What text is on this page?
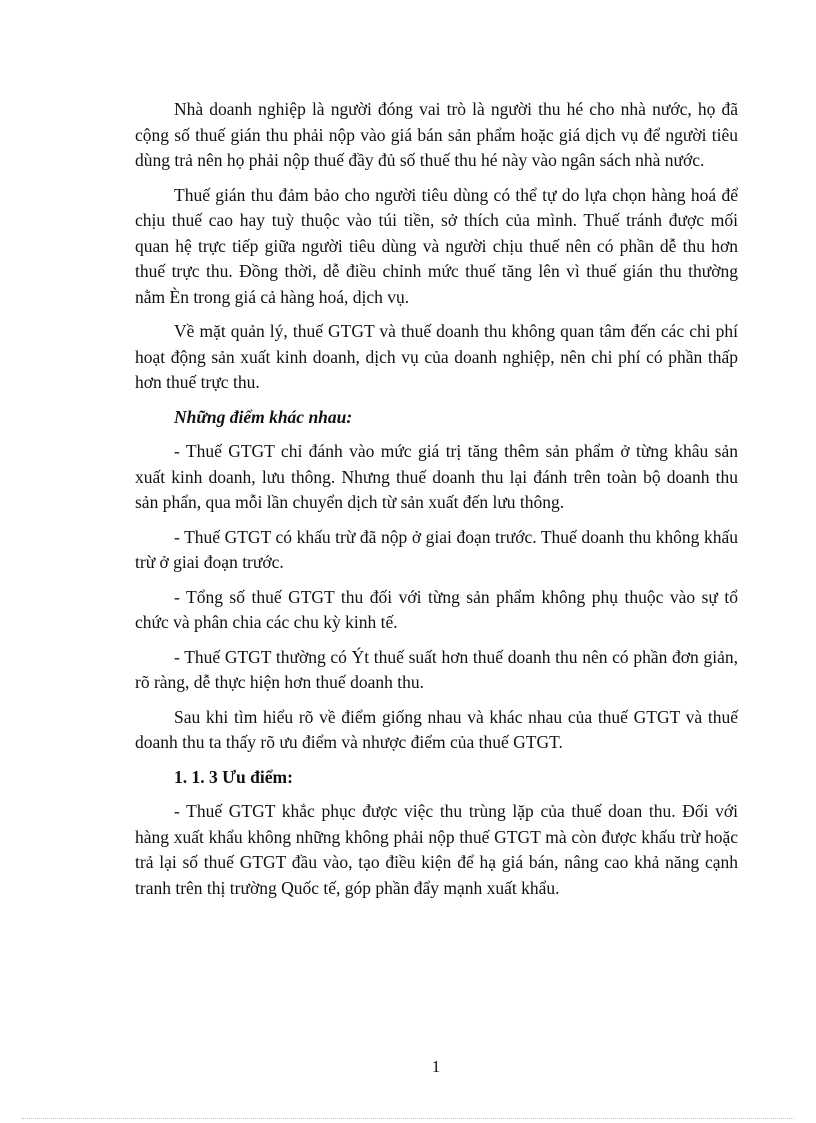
Nhà doanh nghiệp là người đóng vai trò là người thu hé cho nhà nước, họ đã cộng số thuế gián thu phải nộp vào giá bán sản phẩm hoặc giá dịch vụ để người tiêu dùng trả nên họ phải nộp thuế đầy đủ số thuế thu hé này vào ngân sách nhà nước.

Thuế gián thu đảm bảo cho người tiêu dùng có thể tự do lựa chọn hàng hoá để chịu thuế cao hay tuỳ thuộc vào túi tiền, sở thích của mình. Thuế tránh được mối quan hệ trực tiếp giữa người tiêu dùng và người chịu thuế nên có phần dễ thu hơn thuế trực thu. Đồng thời, dễ điều chỉnh mức thuế tăng lên vì thuế gián thu thường nằm Èn trong giá cả hàng hoá, dịch vụ.

Về mặt quản lý, thuế GTGT và thuế doanh thu không quan tâm đến các chi phí hoạt động sản xuất kinh doanh, dịch vụ của doanh nghiệp, nên chi phí có phần thấp hơn thuế trực thu.

Những điểm khác nhau:

- Thuế GTGT chỉ đánh vào mức giá trị tăng thêm sản phẩm ở từng khâu sản xuất kinh doanh, lưu thông. Nhưng thuế doanh thu lại đánh trên toàn bộ doanh thu sản phẩn, qua mỗi lần chuyển dịch từ sản xuất đến lưu thông.

- Thuế GTGT có khấu trừ đã nộp ở giai đoạn trước. Thuế doanh thu không khấu trừ ở giai đoạn trước.

- Tổng số thuế GTGT thu đối với từng sản phẩm không phụ thuộc vào sự tổ chức và phân chia các chu kỳ kinh tế.

- Thuế GTGT thường có Ýt thuế suất hơn thuế doanh thu nên có phần đơn giản, rõ ràng, dễ thực hiện hơn thuế doanh thu.

Sau khi tìm hiểu rõ về điểm giống nhau và khác nhau của thuế GTGT và thuế doanh thu ta thấy rõ ưu điểm và nhược điểm của thuế GTGT.

1. 1. 3 Ưu điểm:

- Thuế GTGT khắc phục được việc thu trùng lặp của thuế doan thu. Đối với hàng xuất khẩu không những không phải nộp thuế GTGT mà còn được khấu trừ hoặc trả lại số thuế GTGT đầu vào, tạo điều kiện để hạ giá bán, nâng cao khả năng cạnh tranh trên thị trường Quốc tế, góp phần đẩy mạnh xuất khẩu.

1
